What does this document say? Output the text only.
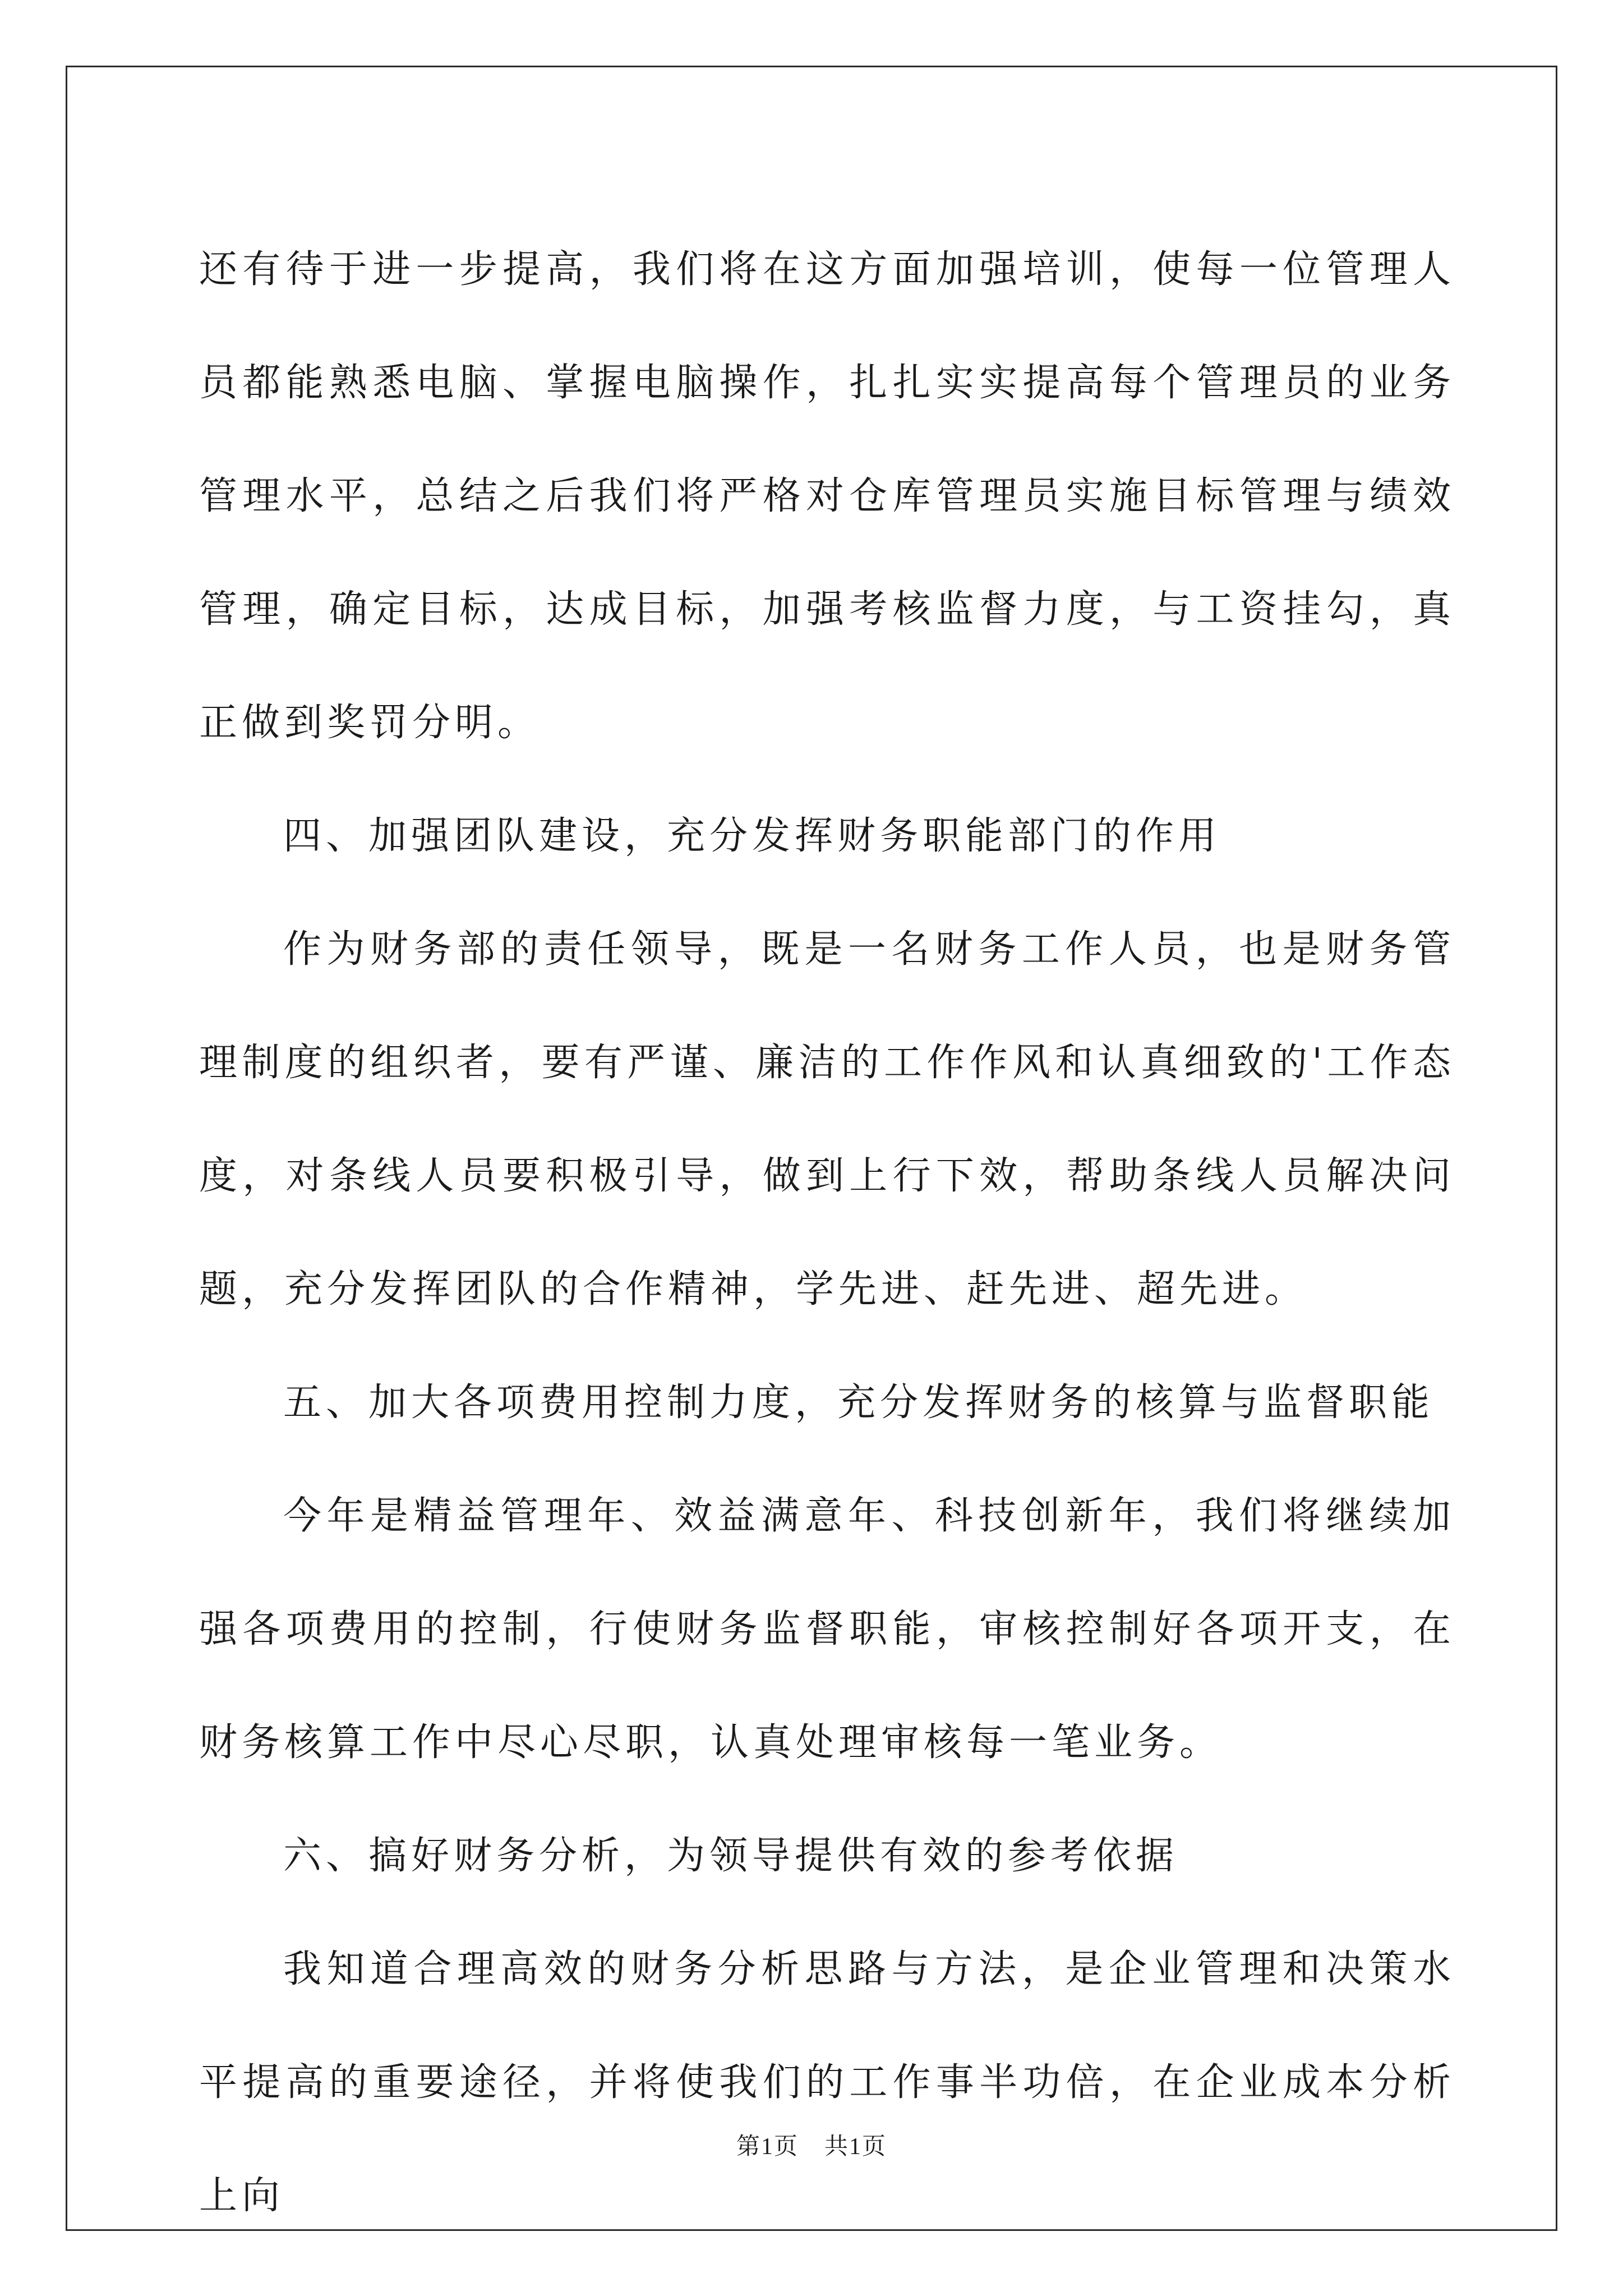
还有待于进一步提高，我们将在这方面加强培训，使每一位管理人员都能熟悉电脑、掌握电脑操作，扎扎实实提高每个管理员的业务管理水平，总结之后我们将严格对仓库管理员实施目标管理与绩效管理，确定目标，达成目标，加强考核监督力度，与工资挂勾，真正做到奖罚分明。

四、加强团队建设，充分发挥财务职能部门的作用

作为财务部的责任领导，既是一名财务工作人员，也是财务管理制度的组织者，要有严谨、廉洁的工作作风和认真细致的'工作态度，对条线人员要积极引导，做到上行下效，帮助条线人员解决问题，充分发挥团队的合作精神，学先进、赶先进、超先进。

五、加大各项费用控制力度，充分发挥财务的核算与监督职能

今年是精益管理年、效益满意年、科技创新年，我们将继续加强各项费用的控制，行使财务监督职能，审核控制好各项开支，在财务核算工作中尽心尽职，认真处理审核每一笔业务。

六、搞好财务分析，为领导提供有效的参考依据

我知道合理高效的财务分析思路与方法，是企业管理和决策水平提高的重要途径，并将使我们的工作事半功倍，在企业成本分析上向

第1页 共1页
